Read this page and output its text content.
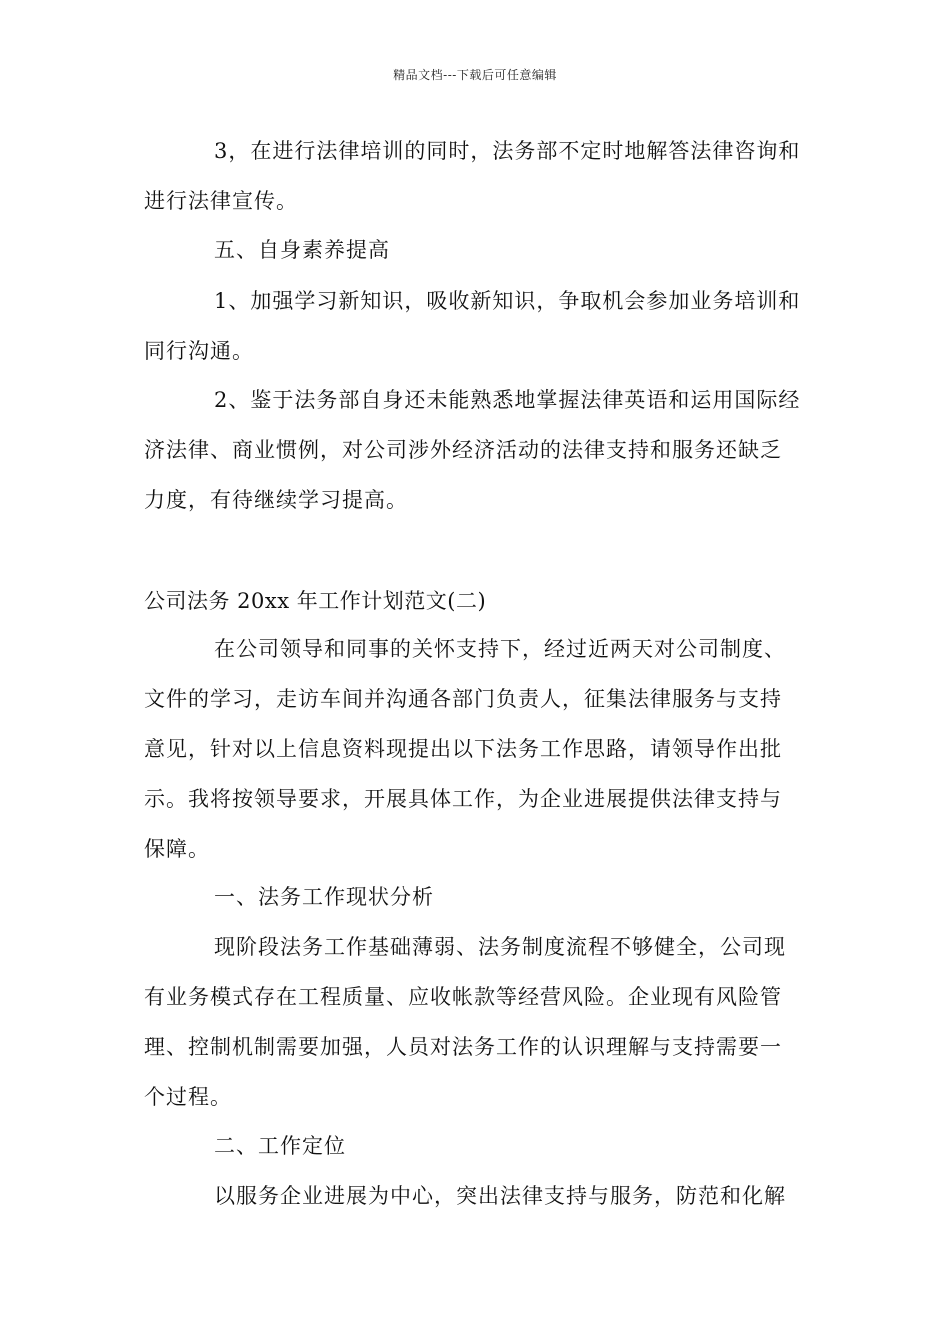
精品文档---下载后可任意编辑
3，在进行法律培训的同时，法务部不定时地解答法律咨询和
进行法律宣传。
五、自身素养提高
1、加强学习新知识，吸收新知识，争取机会参加业务培训和
同行沟通。
2、鉴于法务部自身还未能熟悉地掌握法律英语和运用国际经
济法律、商业惯例，对公司涉外经济活动的法律支持和服务还缺乏
力度，有待继续学习提高。
公司法务 20xx 年工作计划范文(二)
在公司领导和同事的关怀支持下，经过近两天对公司制度、
文件的学习，走访车间并沟通各部门负责人，征集法律服务与支持
意见，针对以上信息资料现提出以下法务工作思路，请领导作出批
示。我将按领导要求，开展具体工作，为企业进展提供法律支持与
保障。
一、法务工作现状分析
现阶段法务工作基础薄弱、法务制度流程不够健全，公司现
有业务模式存在工程质量、应收帐款等经营风险。企业现有风险管
理、控制机制需要加强，人员对法务工作的认识理解与支持需要一
个过程。
二、工作定位
以服务企业进展为中心，突出法律支持与服务，防范和化解
